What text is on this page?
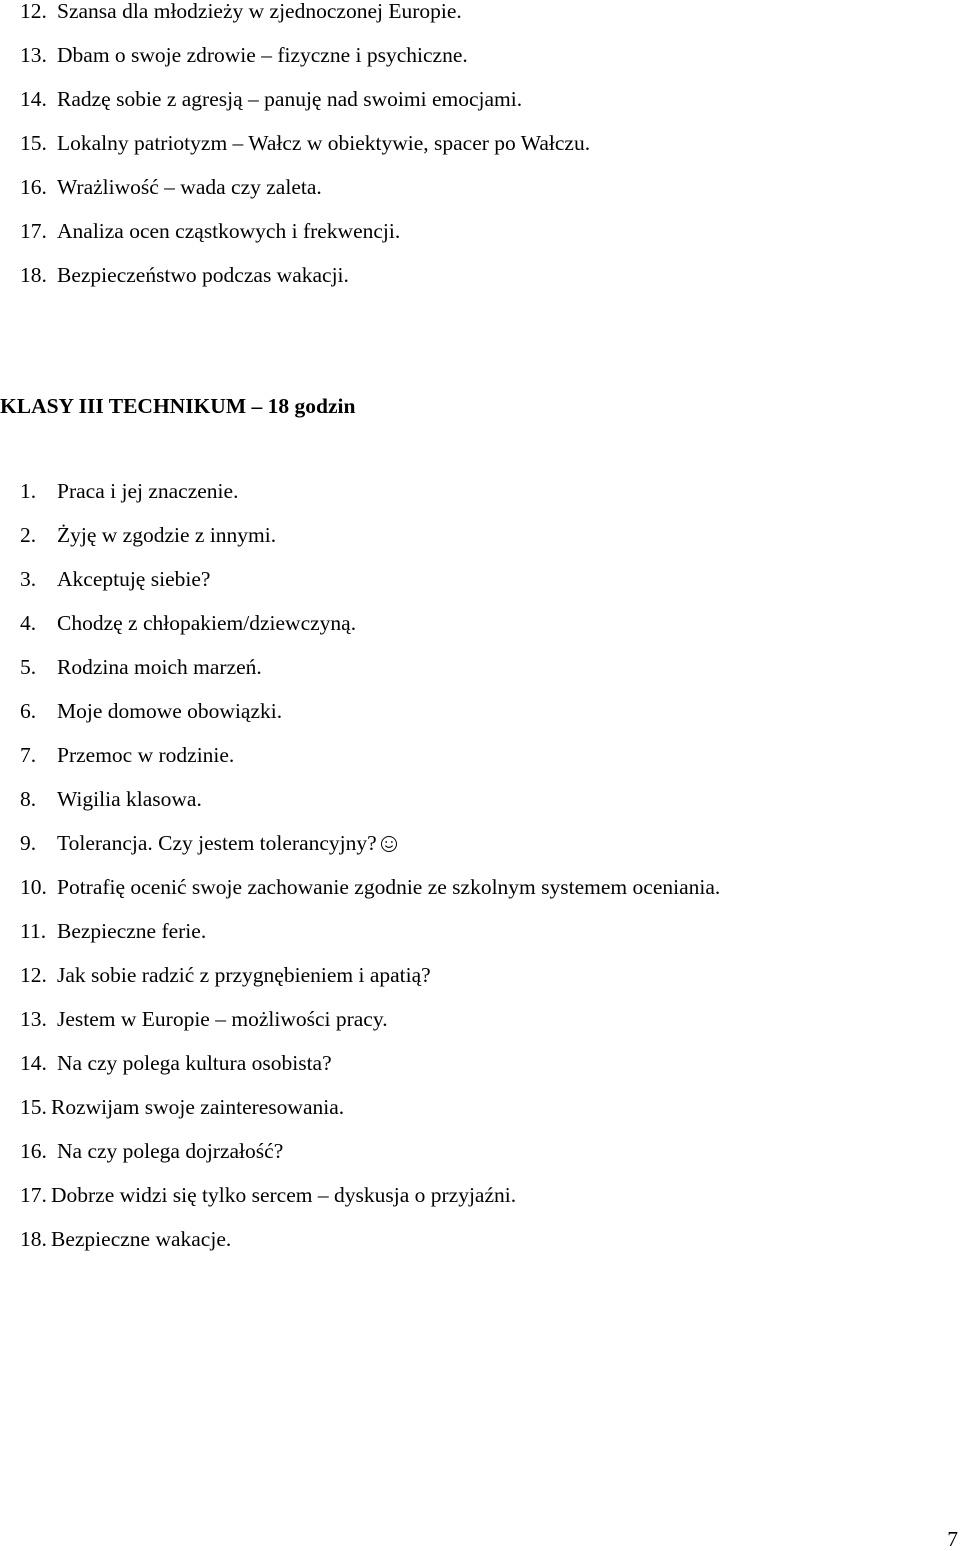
12. Szansa dla młodzieży w zjednoczonej Europie.
13. Dbam o swoje zdrowie – fizyczne i psychiczne.
14. Radzę sobie z agresją – panuję nad swoimi emocjami.
15. Lokalny patriotyzm – Wałcz w obiektywie, spacer po Wałczu.
16. Wrażliwość – wada czy zaleta.
17. Analiza ocen cząstkowych i frekwencji.
18. Bezpieczeństwo podczas wakacji.
KLASY III TECHNIKUM – 18 godzin
1. Praca i jej znaczenie.
2. Żyję w zgodzie z innymi.
3. Akceptuję siebie?
4. Chodzę z chłopakiem/dziewczyną.
5. Rodzina moich marzeń.
6. Moje domowe obowiązki.
7. Przemoc w rodzinie.
8. Wigilia klasowa.
9. Tolerancja. Czy jestem tolerancyjny?
10. Potrafię ocenić swoje zachowanie zgodnie ze szkolnym systemem oceniania.
11. Bezpieczne ferie.
12. Jak sobie radzić z przygnębieniem i apatią?
13. Jestem w Europie – możliwości pracy.
14. Na czy polega kultura osobista?
15. Rozwijam swoje zainteresowania.
16. Na czy polega dojrzałość?
17. Dobrze widzi się tylko sercem – dyskusja o przyjaźni.
18. Bezpieczne wakacje.
7
